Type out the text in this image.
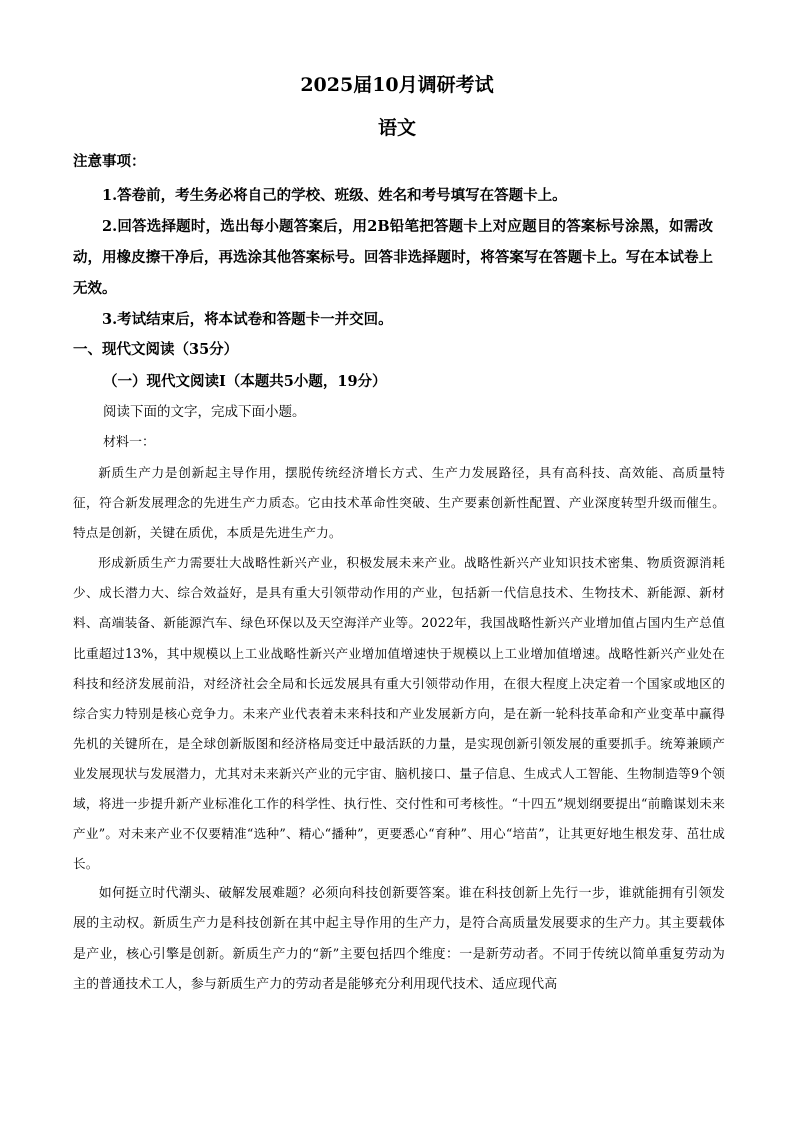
2025届10月调研考试
语文
注意事项：

1.答卷前，考生务必将自己的学校、班级、姓名和考号填写在答题卡上。

2.回答选择题时，选出每小题答案后，用2B铅笔把答题卡上对应题目的答案标号涂黑，如需改动，用橡皮擦干净后，再选涂其他答案标号。回答非选择题时，将答案写在答题卡上。写在本试卷上无效。

3.考试结束后，将本试卷和答题卡一并交回。

一、现代文阅读（35分）
（一）现代文阅读Ⅰ（本题共5小题，19分）
阅读下面的文字，完成下面小题。
材料一：

新质生产力是创新起主导作用，摆脱传统经济增长方式、生产力发展路径，具有高科技、高效能、高质量特征，符合新发展理念的先进生产力质态。它由技术革命性突破、生产要素创新性配置、产业深度转型升级而催生。特点是创新，关键在质优，本质是先进生产力。

形成新质生产力需要壮大战略性新兴产业，积极发展未来产业。战略性新兴产业知识技术密集、物质资源消耗少、成长潜力大、综合效益好，是具有重大引领带动作用的产业，包括新一代信息技术、生物技术、新能源、新材料、高端装备、新能源汽车、绿色环保以及天空海洋产业等。2022年，我国战略性新兴产业增加值占国内生产总值比重超过13%，其中规模以上工业战略性新兴产业增加值增速快于规模以上工业增加值增速。战略性新兴产业处在科技和经济发展前沿，对经济社会全局和长远发展具有重大引领带动作用，在很大程度上决定着一个国家或地区的综合实力特别是核心竞争力。未来产业代表着未来科技和产业发展新方向，是在新一轮科技革命和产业变革中赢得先机的关键所在，是全球创新版图和经济格局变迁中最活跃的力量，是实现创新引领发展的重要抓手。统筹兼顾产业发展现状与发展潜力，尤其对未来新兴产业的元宇宙、脑机接口、量子信息、生成式人工智能、生物制造等9个领域，将进一步提升新产业标准化工作的科学性、执行性、交付性和可考核性。“十四五”规划纲要提出“前瞻谋划未来产业”。对未来产业不仅要精准“选种”、精心“播种”，更要悉心“育种”、用心“培苗”，让其更好地生根发芽、茁壮成长。

如何挺立时代潮头、破解发展难题？必须向科技创新要答案。谁在科技创新上先行一步，谁就能拥有引领发展的主动权。新质生产力是科技创新在其中起主导作用的生产力，是符合高质量发展要求的生产力。其主要载体是产业，核心引擎是创新。新质生产力的“新”主要包括四个维度：一是新劳动者。不同于传统以简单重复劳动为主的普通技术工人，参与新质生产力的劳动者是能够充分利用现代技术、适应现代高
